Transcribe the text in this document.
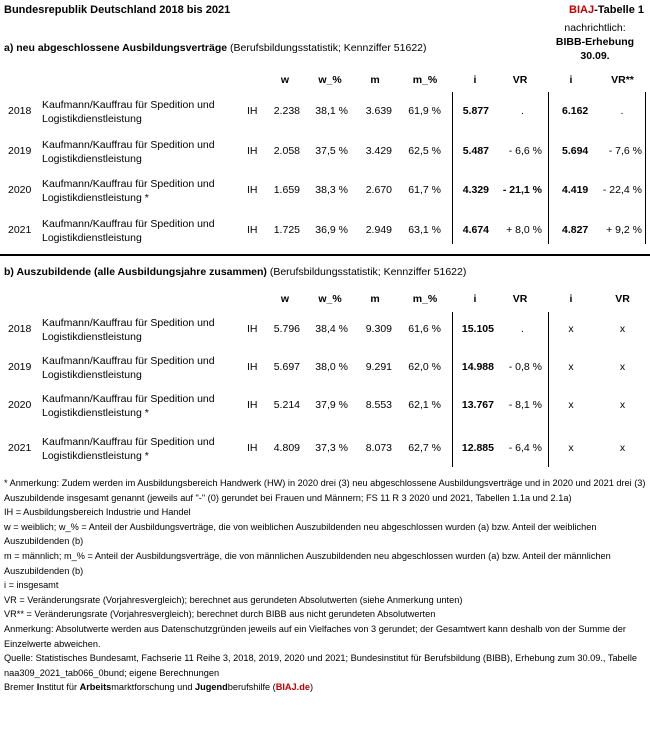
Bundesrepublik Deutschland 2018 bis 2021	BIAJ-Tabelle 1
nachrichtlich:
BIBB-Erhebung
30.09.
a) neu abgeschlossene Ausbildungsverträge (Berufsbildungsstatistik; Kennziffer 51622)
w	w_%	m	m_%	i	VR	i	VR**
2018 Kaufmann/Kauffrau für Spedition und Logistikdienstleistung
IH	2.238	38,1 %	3.639	61,9 %	5.877	.	6.162	.
2019 Kaufmann/Kauffrau für Spedition und Logistikdienstleistung
IH	2.058	37,5 %	3.429	62,5 %	5.487	- 6,6 % 5.694	- 7,6 %
2020 Kaufmann/Kauffrau für Spedition und Logistikdienstleistung *
IH	1.659	38,3 %	2.670	61,7 %	4.329	- 21,1 % 4.419	- 22,4 %
2021 Kaufmann/Kauffrau für Spedition und Logistikdienstleistung
IH	1.725	36,9 %	2.949	63,1 %	4.674	+ 8,0 % 4.827	+ 9,2 %
b) Auszubildende (alle Ausbildungsjahre zusammen) (Berufsbildungsstatistik; Kennziffer 51622)
w	w_%	m	m_%	i	VR	i	VR
2018 Kaufmann/Kauffrau für Spedition und Logistikdienstleistung
IH	5.796	38,4 %	9.309	61,6 %	15.105	.	x	x
2019 Kaufmann/Kauffrau für Spedition und Logistikdienstleistung
IH	5.697	38,0 %	9.291	62,0 %	14.988	- 0,8 %	x	x
2020 Kaufmann/Kauffrau für Spedition und Logistikdienstleistung *
IH	5.214	37,9 %	8.553	62,1 %	13.767	- 8,1 %	x	x
2021 Kaufmann/Kauffrau für Spedition und Logistikdienstleistung *
IH	4.809	37,3 %	8.073	62,7 %	12.885	- 6,4 %	x	x

* Anmerkung: Zudem werden im Ausbildungsbereich Handwerk (HW) in 2020 drei (3) neu abgeschlossene Ausbildungsverträge und in 2020 und 2021 drei (3) Auszubildende insgesamt genannt (jeweils auf "-" (0) gerundet bei Frauen und Männern; FS 11 R 3 2020 und 2021, Tabellen 1.1a und 2.1a)

IH = Ausbildungsbereich Industrie und Handel

w = weiblich; w_% = Anteil der Ausbildungsverträge, die von weiblichen Auszubildenden neu abgeschlossen wurden (a) bzw. Anteil der weiblichen Auszubildenden (b)

m = männlich; m_% = Anteil der Ausbildungsverträge, die von männlichen Auszubildenden neu abgeschlossen wurden (a) bzw. Anteil der männlichen Auszubildenden (b)

i = insgesamt

VR = Veränderungsrate (Vorjahresvergleich); berechnet aus gerundeten Absolutwerten (siehe Anmerkung unten)

VR** = Veränderungsrate (Vorjahresvergleich); berechnet durch BIBB aus nicht gerundeten Absolutwerten

Anmerkung: Absolutwerte werden aus Datenschutzgründen jeweils auf ein Vielfaches von 3 gerundet; der Gesamtwert kann deshalb von der Summe der Einzelwerte abweichen.

Quelle: Statistisches Bundesamt, Fachserie 11 Reihe 3, 2018, 2019, 2020 und 2021; Bundesinstitut für Berufsbildung (BIBB), Erhebung zum 30.09., Tabelle naa309_2021_tab066_0bund; eigene Berechnungen

Bremer Institut für Arbeitsmarktforschung und Jugendberufshilfe (BIAJ.de)
